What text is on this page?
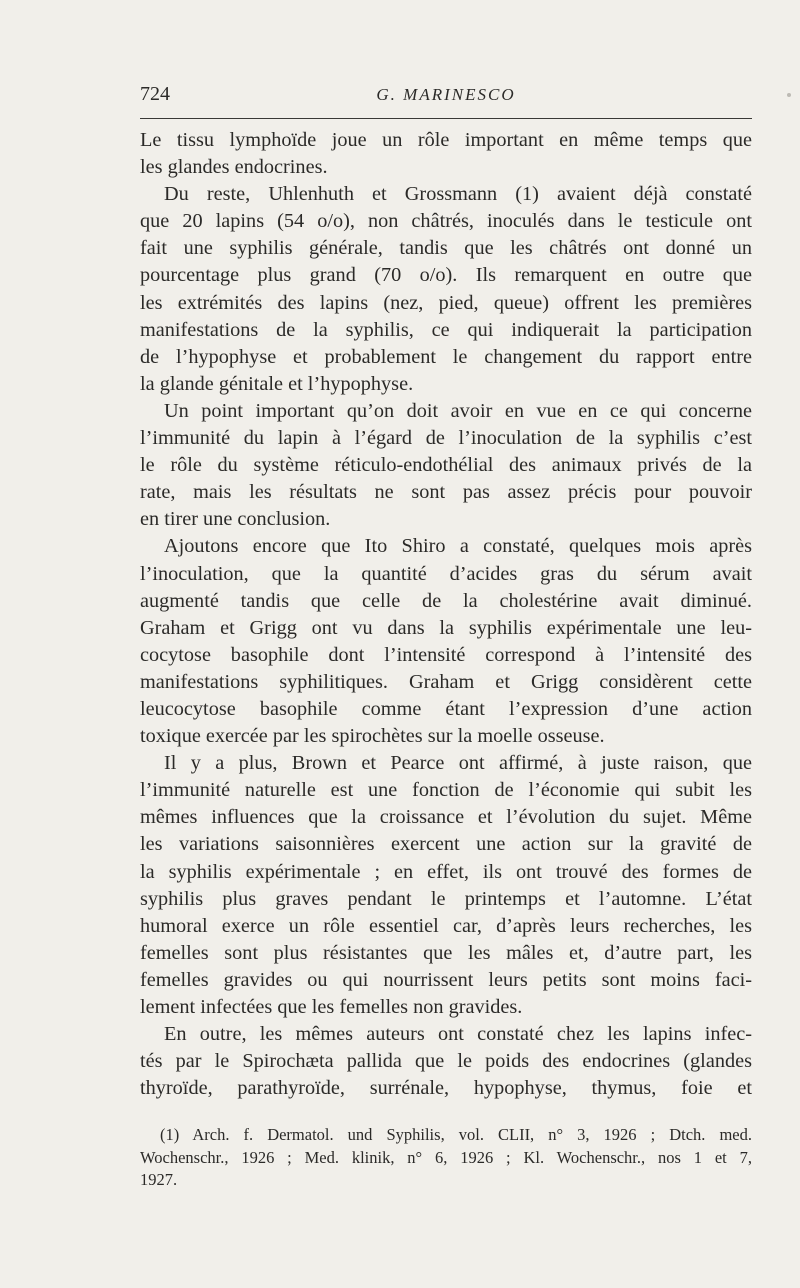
724	G. MARINESCO

Le tissu lymphoïde joue un rôle important en même temps que

les glandes endocrines.

Du reste, Uhlenhuth et Grossmann (1) avaient déjà constaté

que 20 lapins (54 o/o), non châtrés, inoculés dans le testicule ont

fait une syphilis générale, tandis que les châtrés ont donné un

pourcentage plus grand (70 o/o). Ils remarquent en outre que

les extrémités des lapins (nez, pied, queue) offrent les premières

manifestations de la syphilis, ce qui indiquerait la participation

de l’hypophyse et probablement le changement du rapport entre

la glande génitale et l’hypophyse.

Un point important qu’on doit avoir en vue en ce qui concerne

l’immunité du lapin à l’égard de l’inoculation de la syphilis c’est

le rôle du système réticulo-endothélial des animaux privés de la

rate, mais les résultats ne sont pas assez précis pour pouvoir

en tirer une conclusion.

Ajoutons encore que Ito Shiro a constaté, quelques mois après

l’inoculation, que la quantité d’acides gras du sérum avait

augmenté tandis que celle de la cholestérine avait diminué.

Graham et Grigg ont vu dans la syphilis expérimentale une leu-

cocytose basophile dont l’intensité correspond à l’intensité des

manifestations syphilitiques. Graham et Grigg considèrent cette

leucocytose basophile comme étant l’expression d’une action

toxique exercée par les spirochètes sur la moelle osseuse.

Il y a plus, Brown et Pearce ont affirmé, à juste raison, que

l’immunité naturelle est une fonction de l’économie qui subit les

mêmes influences que la croissance et l’évolution du sujet. Même

les variations saisonnières exercent une action sur la gravité de

la syphilis expérimentale ; en effet, ils ont trouvé des formes de

syphilis plus graves pendant le printemps et l’automne. L’état

humoral exerce un rôle essentiel car, d’après leurs recherches, les

femelles sont plus résistantes que les mâles et, d’autre part, les

femelles gravides ou qui nourrissent leurs petits sont moins faci-

lement infectées que les femelles non gravides.

En outre, les mêmes auteurs ont constaté chez les lapins infec-

tés par le Spirochæta pallida que le poids des endocrines (glandes

thyroïde, parathyroïde, surrénale, hypophyse, thymus, foie et

(1) Arch. f. Dermatol. und Syphilis, vol. CLII, n° 3, 1926 ; Dtch. med.

Wochenschr., 1926 ; Med. klinik, n° 6, 1926 ; Kl. Wochenschr., nos 1 et 7,

1927.
